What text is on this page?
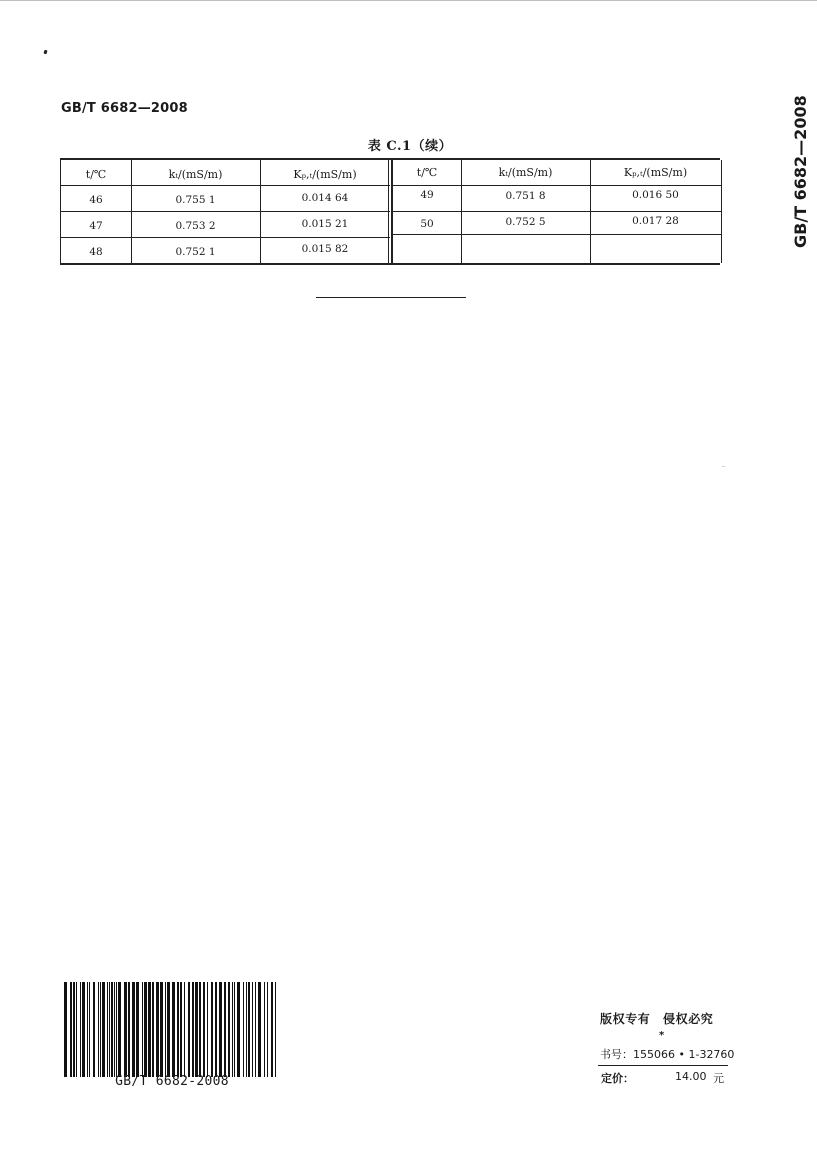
GB/T 6682—2008	GB/T 6682—2008
表 C.1（续）
t/℃	kₜ/(mS/m)	Kₚ,ₜ/(mS/m)
46	0.755 1	0.014 64
47	0.753 2	0.015 21
48	0.752 1	0.015 82
t/℃	kₜ/(mS/m)	Kₚ,ₜ/(mS/m)
49	0.751 8	0.016 50
50	0.752 5	0.017 28
GB/T 6682-2008
版权专有　侵权必究
*
书号：155066 • 1-32760
定价：	14.00 元
